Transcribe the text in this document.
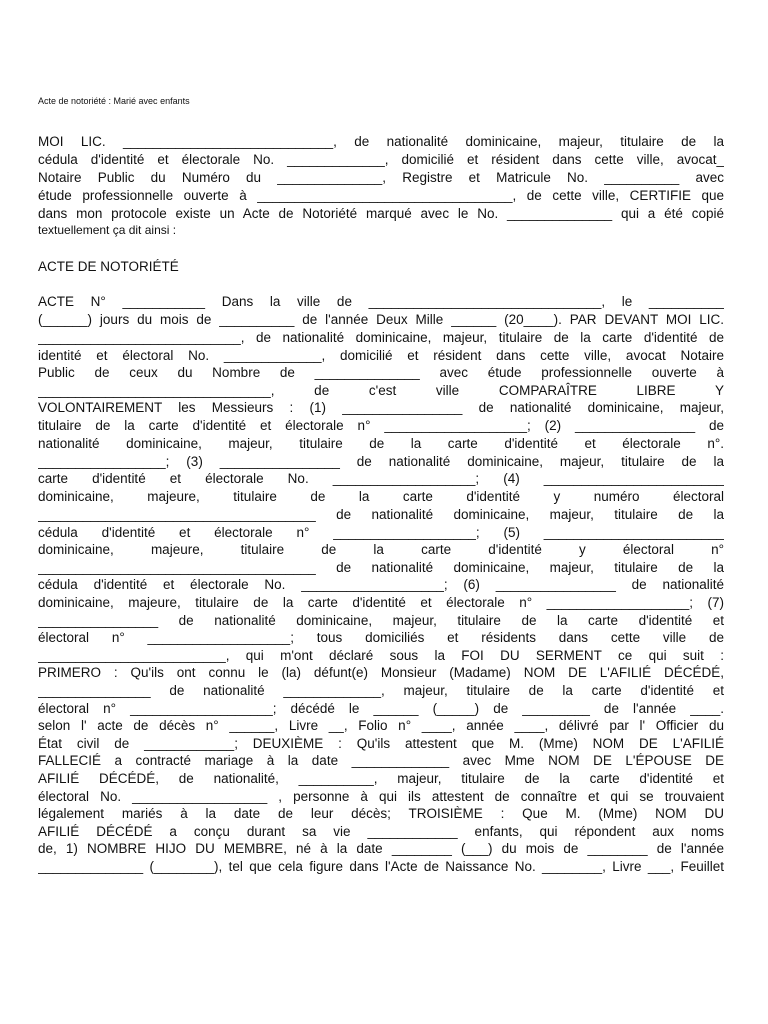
Acte de notoriété : Marié avec enfants

MOI LIC. ____________________________, de nationalité dominicaine, majeur, titulaire de la
cédula d'identité et électorale No. _____________, domicilié et résident dans cette ville, avocat_
Notaire Public du Numéro du ______________, Registre et Matricule No. __________ avec
étude professionnelle ouverte à __________________________________, de cette ville, CERTIFIE que
dans mon protocole existe un Acte de Notoriété marqué avec le No. ______________ qui a été copié
textuellement ça dit ainsi :
ACTE DE NOTORIÉTÉ
ACTE N° ___________ Dans la ville de _______________________________, le __________
(______) jours du mois de __________ de l'année Deux Mille ______ (20____). PAR DEVANT MOI LIC.
___________________________, de nationalité dominicaine, majeur, titulaire de la carte d'identité de
identité et électoral No. _____________, domicilié et résident dans cette ville, avocat Notaire
Public de ceux du Nombre de ______________ avec étude professionnelle ouverte à
_______________________________, de c'est ville COMPARAÎTRE LIBRE Y
VOLONTAIREMENT les Messieurs : (1) ________________ de nationalité dominicaine, majeur,
titulaire de la carte d'identité et électorale n° ___________________; (2) ________________ de
nationalité dominicaine, majeur, titulaire de la carte d'identité et électorale n°.
_________________; (3) ________________ de nationalité dominicaine, majeur, titulaire de la
carte d'identité et électorale No. ___________________; (4) ________________________
dominicaine, majeure, titulaire de la carte d'identité y numéro électoral
_____________________________________ de nationalité dominicaine, majeur, titulaire de la
cédula d'identité et électorale n° ___________________; (5) ________________________
dominicaine, majeure, titulaire de la carte d'identité y électoral n°
_____________________________________ de nationalité dominicaine, majeur, titulaire de la
cédula d'identité et électorale No. ___________________; (6) ________________ de nationalité
dominicaine, majeure, titulaire de la carte d'identité et électorale n° ___________________; (7)
________________ de nationalité dominicaine, majeur, titulaire de la carte d'identité et
électoral n° ___________________; tous domiciliés et résidents dans cette ville de
_________________________, qui m'ont déclaré sous la FOI DU SERMENT ce qui suit :
PRIMERO : Qu'ils ont connu le (la) défunt(e) Monsieur (Madame) NOM DE L'AFILIÉ DÉCÉDÉ,
_______________ de nationalité _____________, majeur, titulaire de la carte d'identité et
électoral n° ___________________; décédé le ______ (_____) de _________ de l'année ____.
selon l' acte de décès n° ______, Livre __, Folio n° ____, année ____, délivré par l' Officier du
État civil de ____________; DEUXIÈME : Qu'ils attestent que M. (Mme) NOM DE L'AFILIÉ
FALLECIÉ a contracté mariage à la date _____________ avec Mme NOM DE L'ÉPOUSE DE
AFILIÉ DÉCÉDÉ, de nationalité, __________, majeur, titulaire de la carte d'identité et
électoral No. __________________ , personne à qui ils attestent de connaître et qui se trouvaient
légalement mariés à la date de leur décès; TROISIÈME : Que M. (Mme) NOM DU
AFILIÉ DÉCÉDÉ a conçu durant sa vie ____________ enfants, qui répondent aux noms
de, 1) NOMBRE HIJO DU MEMBRE, né à la date ________ (___) du mois de ________ de l'année
______________ (________), tel que cela figure dans l'Acte de Naissance No. ________, Livre ___, Feuillet
